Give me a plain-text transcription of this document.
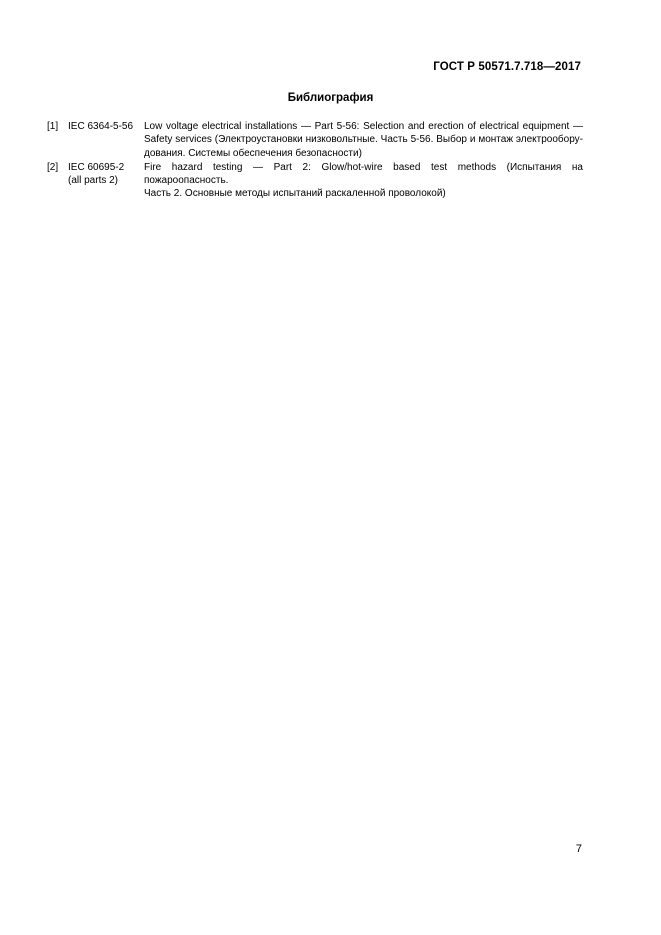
ГОСТ Р 50571.7.718—2017
Библиография
[1] IEC 6364-5-56	Low voltage electrical installations — Part 5-56: Selection and erection of electrical equipment —
Safety services (Электроустановки низковольтные. Часть 5-56. Выбор и монтаж электрообору-
дования. Системы обеспечения безопасности)
[2] IEC 60695-2
(all parts 2)
Fire hazard testing — Part 2: Glow/hot-wire based test methods (Испытания на пожароопасность.
Часть 2. Основные методы испытаний раскаленной проволокой)
7
